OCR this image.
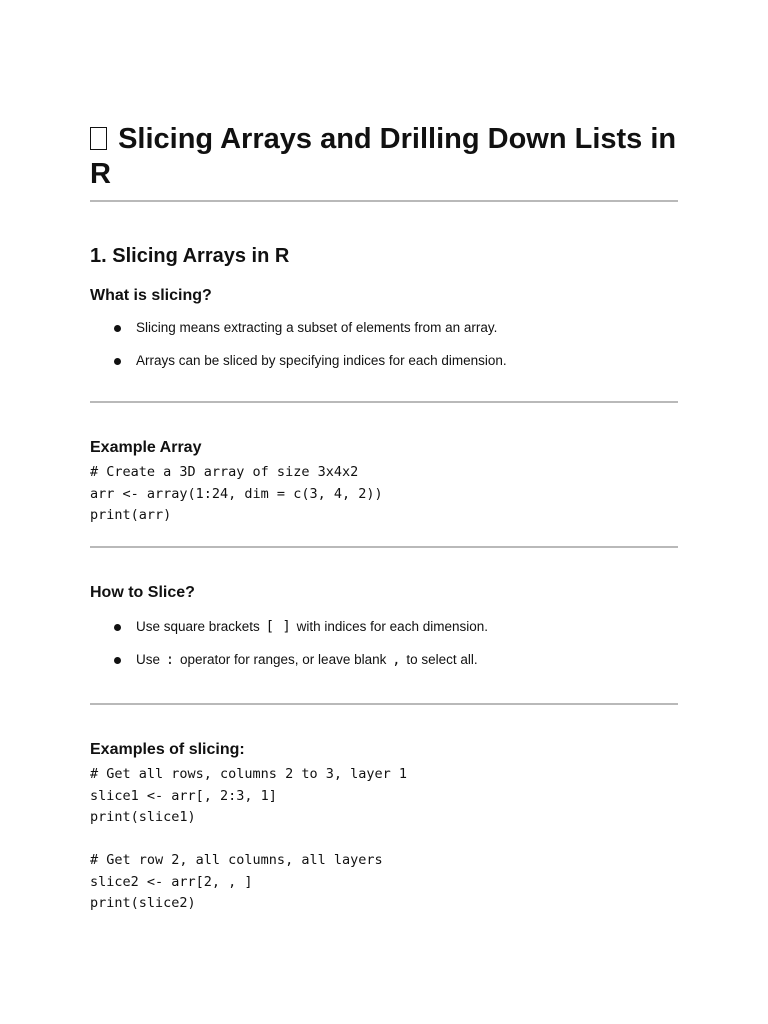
Slicing Arrays and Drilling Down Lists in R
1. Slicing Arrays in R
What is slicing?
Slicing means extracting a subset of elements from an array.
Arrays can be sliced by specifying indices for each dimension.
Example Array
# Create a 3D array of size 3x4x2
arr <- array(1:24, dim = c(3, 4, 2))
print(arr)
How to Slice?
Use square brackets [ ] with indices for each dimension.
Use : operator for ranges, or leave blank , to select all.
Examples of slicing:
# Get all rows, columns 2 to 3, layer 1
slice1 <- arr[, 2:3, 1]
print(slice1)

# Get row 2, all columns, all layers
slice2 <- arr[2, , ]
print(slice2)
